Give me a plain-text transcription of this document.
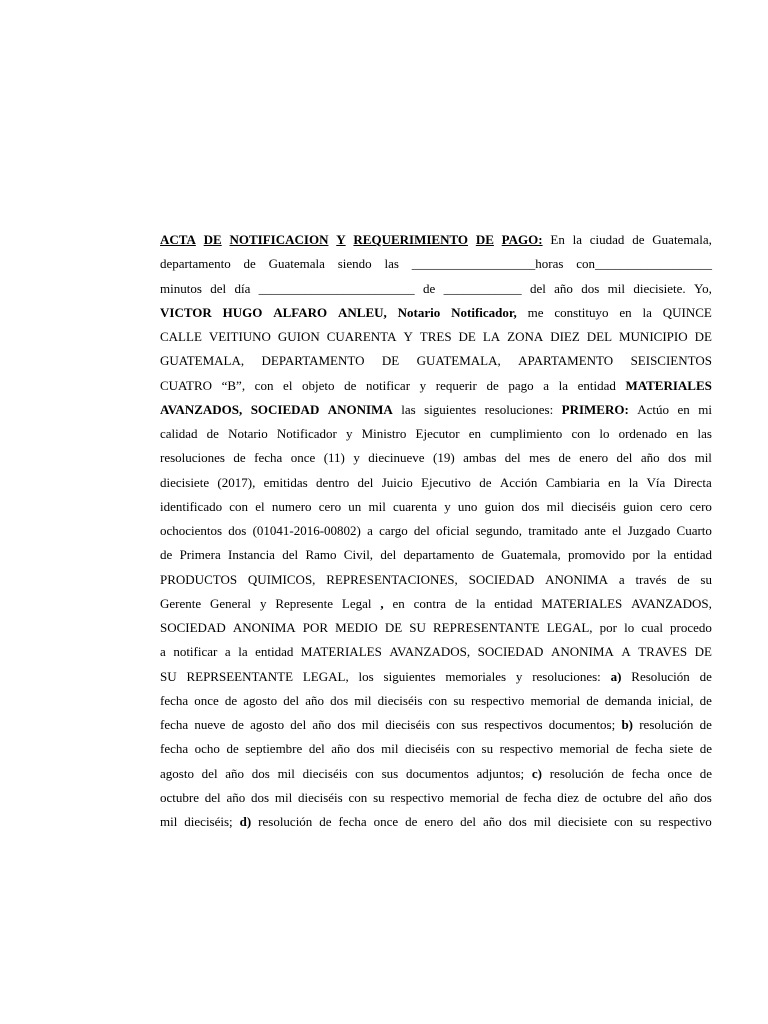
ACTA DE NOTIFICACION Y REQUERIMIENTO DE PAGO: En la ciudad de Guatemala,
departamento de Guatemala siendo las ___________________horas con__________________
minutos del día ________________________ de ____________ del año dos mil diecisiete. Yo,
VICTOR HUGO ALFARO ANLEU, Notario Notificador, me constituyo en la QUINCE
CALLE VEITIUNO GUION CUARENTA Y TRES DE LA ZONA DIEZ DEL MUNICIPIO DE
GUATEMALA, DEPARTAMENTO DE GUATEMALA, APARTAMENTO SEISCIENTOS
CUATRO “B”, con el objeto de notificar y requerir de pago a la entidad MATERIALES
AVANZADOS, SOCIEDAD ANONIMA las siguientes resoluciones: PRIMERO: Actúo en mi
calidad de Notario Notificador y Ministro Ejecutor en cumplimiento con lo ordenado en las
resoluciones de fecha once (11) y diecinueve (19) ambas del mes de enero del año dos mil
diecisiete (2017), emitidas dentro del Juicio Ejecutivo de Acción Cambiaria en la Vía Directa
identificado con el numero cero un mil cuarenta y uno guion dos mil dieciséis guion cero cero
ochocientos dos (01041-2016-00802) a cargo del oficial segundo, tramitado ante el Juzgado Cuarto
de Primera Instancia del Ramo Civil, del departamento de Guatemala, promovido por la entidad
PRODUCTOS QUIMICOS, REPRESENTACIONES, SOCIEDAD ANONIMA a través de su
Gerente General y Represente Legal , en contra de la entidad MATERIALES AVANZADOS,
SOCIEDAD ANONIMA POR MEDIO DE SU REPRESENTANTE LEGAL, por lo cual procedo
a notificar a la entidad MATERIALES AVANZADOS, SOCIEDAD ANONIMA A TRAVES DE
SU REPRSEENTANTE LEGAL, los siguientes memoriales y resoluciones: a) Resolución de
fecha once de agosto del año dos mil dieciséis con su respectivo memorial de demanda inicial, de
fecha nueve de agosto del año dos mil dieciséis con sus respectivos documentos; b) resolución de
fecha ocho de septiembre del año dos mil dieciséis con su respectivo memorial de fecha siete de
agosto del año dos mil dieciséis con sus documentos adjuntos; c) resolución de fecha once de
octubre del año dos mil dieciséis con su respectivo memorial de fecha diez de octubre del año dos
mil dieciséis; d) resolución de fecha once de enero del año dos mil diecisiete con su respectivo
